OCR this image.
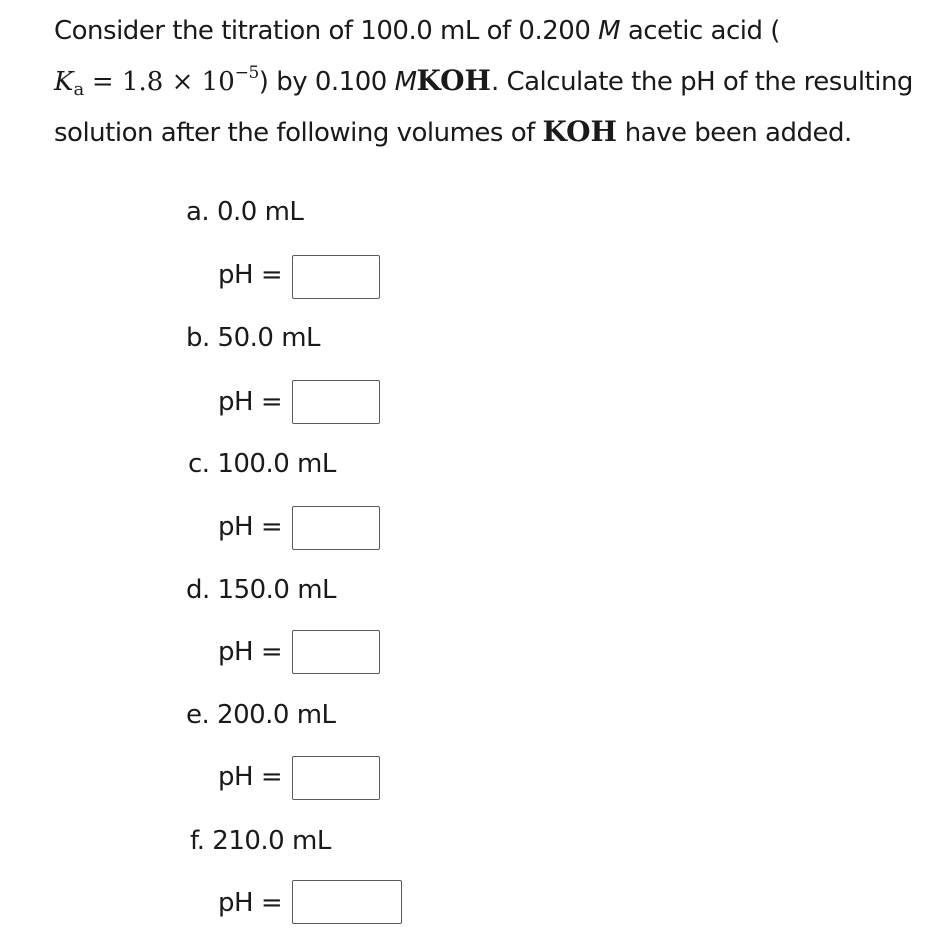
Consider the titration of 100.0 mL of 0.200 M acetic acid (
$K_a = 1.8 \times 10^{-5}$) by 0.100 MKOH. Calculate the pH of the resulting solution after the following volumes of KOH have been added.
a. 0.0 mL
pH =
b. 50.0 mL
pH =
c. 100.0 mL
pH =
d. 150.0 mL
pH =
e. 200.0 mL
pH =
f. 210.0 mL
pH =
